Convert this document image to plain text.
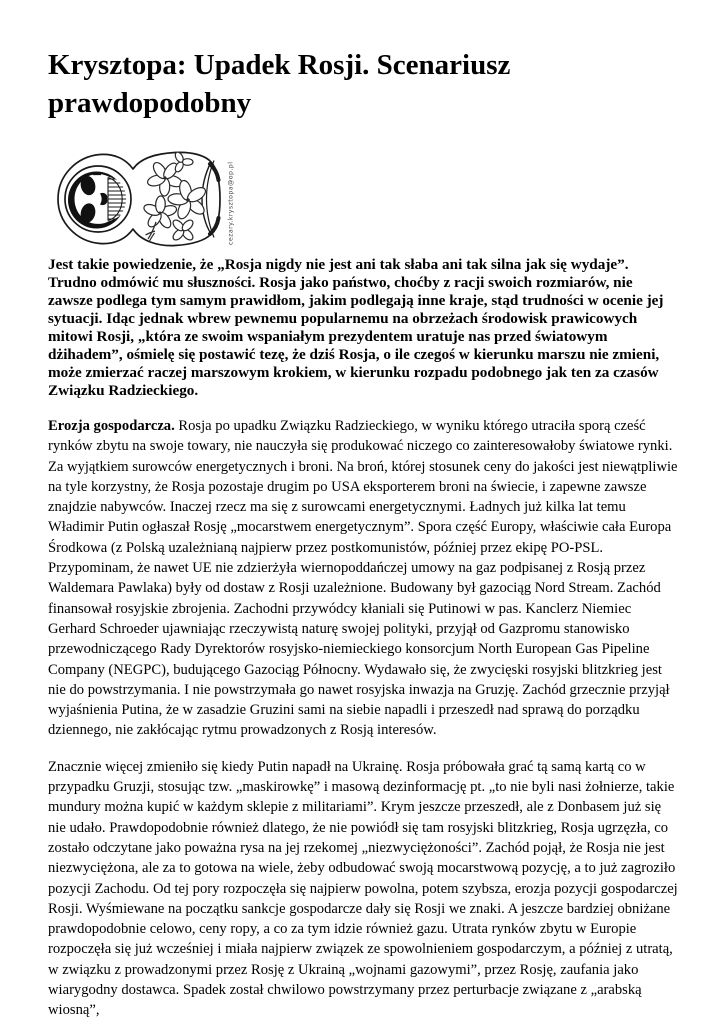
Krysztopa: Upadek Rosji. Scenariusz prawdopodobny
cezary.krysztopa@op.pl

Jest takie powiedzenie, że „Rosja nigdy nie jest ani tak słaba ani tak silna jak się wydaje”. Trudno odmówić mu słuszności. Rosja jako państwo, choćby z racji swoich rozmiarów, nie zawsze podlega tym samym prawidłom, jakim podlegają inne kraje, stąd trudności w ocenie jej sytuacji. Idąc jednak wbrew pewnemu popularnemu na obrzeżach środowisk prawicowych mitowi Rosji, „która ze swoim wspaniałym prezydentem uratuje nas przed światowym dżihadem”, ośmielę się postawić tezę, że dziś Rosja, o ile czegoś w kierunku marszu nie zmieni, może zmierzać raczej marszowym krokiem, w kierunku rozpadu podobnego jak ten za czasów Związku Radzieckiego.

Erozja gospodarcza. Rosja po upadku Związku Radzieckiego, w wyniku którego utraciła sporą cześć rynków zbytu na swoje towary, nie nauczyła się produkować niczego co zainteresowałoby światowe rynki. Za wyjątkiem surowców energetycznych i broni. Na broń, której stosunek ceny do jakości jest niewątpliwie na tyle korzystny, że Rosja pozostaje drugim po USA eksporterem broni na świecie, i zapewne zawsze znajdzie nabywców. Inaczej rzecz ma się z surowcami energetycznymi. Ładnych już kilka lat temu Władimir Putin ogłaszał Rosję „mocarstwem energetycznym”. Spora część Europy, właściwie cała Europa Środkowa (z Polską uzależnianą najpierw przez postkomunistów, później przez ekipę PO-PSL. Przypominam, że nawet UE nie zdzierżyła wiernopoddańczej umowy na gaz podpisanej z Rosją przez Waldemara Pawlaka) były od dostaw z Rosji uzależnione. Budowany był gazociąg Nord Stream. Zachód finansował rosyjskie zbrojenia. Zachodni przywódcy kłaniali się Putinowi w pas. Kanclerz Niemiec Gerhard Schroeder ujawniając rzeczywistą naturę swojej polityki, przyjął od Gazpromu stanowisko przewodniczącego Rady Dyrektorów rosyjsko-niemieckiego konsorcjum North European Gas Pipeline Company (NEGPC), budującego Gazociąg Północny. Wydawało się, że zwycięski rosyjski blitzkrieg jest nie do powstrzymania. I nie powstrzymała go nawet rosyjska inwazja na Gruzję. Zachód grzecznie przyjął wyjaśnienia Putina, że w zasadzie Gruzini sami na siebie napadli i przeszedł nad sprawą do porządku dziennego, nie zakłócając rytmu prowadzonych z Rosją interesów.

Znacznie więcej zmieniło się kiedy Putin napadł na Ukrainę. Rosja próbowała grać tą samą kartą co w przypadku Gruzji, stosując tzw. „maskirowkę” i masową dezinformację pt. „to nie byli nasi żołnierze, takie mundury można kupić w każdym sklepie z militariami”. Krym jeszcze przeszedł, ale z Donbasem już się nie udało. Prawdopodobnie również dlatego, że nie powiódł się tam rosyjski blitzkrieg, Rosja ugrzęzła, co zostało odczytane jako poważna rysa na jej rzekomej „niezwyciężoności”. Zachód pojął, że Rosja nie jest niezwyciężona, ale za to gotowa na wiele, żeby odbudować swoją mocarstwową pozycję, a to już zagroziło pozycji Zachodu. Od tej pory rozpoczęła się najpierw powolna, potem szybsza, erozja pozycji gospodarczej Rosji. Wyśmiewane na początku sankcje gospodarcze dały się Rosji we znaki. A jeszcze bardziej obniżane prawdopodobnie celowo, ceny ropy, a co za tym idzie również gazu. Utrata rynków zbytu w Europie rozpoczęła się już wcześniej i miała najpierw związek ze spowolnieniem gospodarczym, a później z utratą, w związku z prowadzonymi przez Rosję z Ukrainą „wojnami gazowymi”, przez Rosję, zaufania jako wiarygodny dostawca. Spadek został chwilowo powstrzymany przez perturbacje związane z „arabską wiosną”,
